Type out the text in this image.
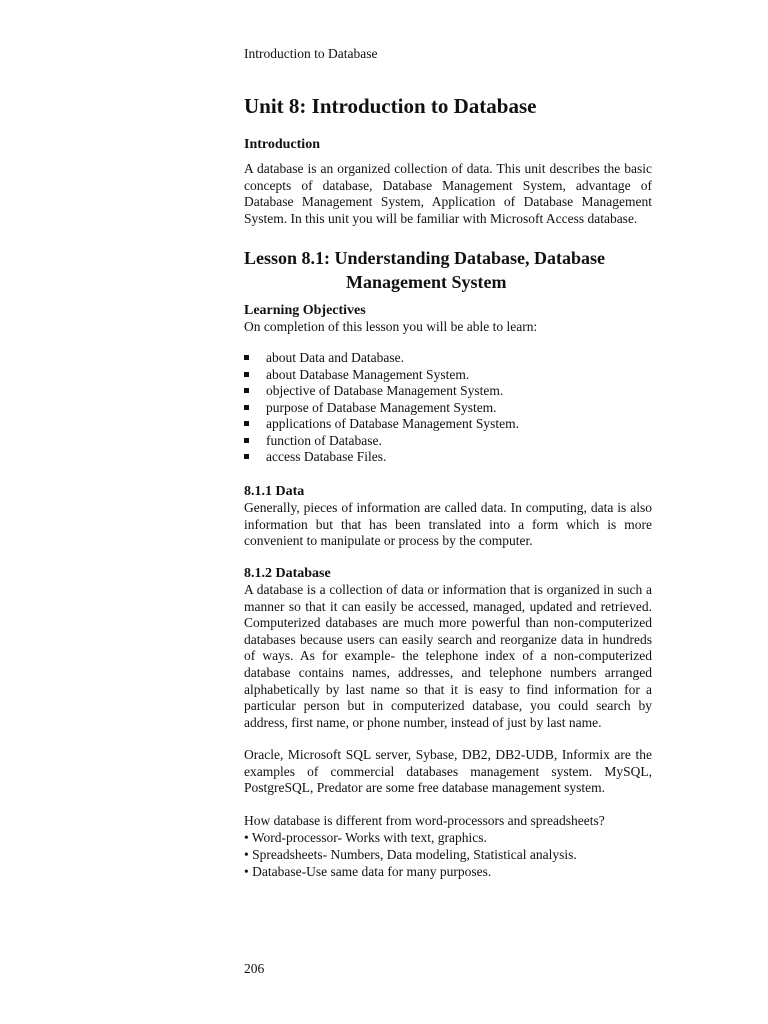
Introduction to Database
Unit 8: Introduction to Database
Introduction

A database is an organized collection of data. This unit describes the basic concepts of database, Database Management System, advantage of Database Management System, Application of Database Management System. In this unit you will be familiar with Microsoft Access database.

Lesson 8.1: Understanding Database, Database
Management System
Learning Objectives
On completion of this lesson you will be able to learn:
about Data and Database.
about Database Management System.
objective of Database Management System.
purpose of Database Management System.
applications of Database Management System.
function of Database.
access Database Files.
8.1.1 Data

Generally, pieces of information are called data. In computing, data is also information but that has been translated into a form which is more convenient to manipulate or process by the computer.

8.1.2 Database

A database is a collection of data or information that is organized in such a manner so that it can easily be accessed, managed, updated and retrieved. Computerized databases are much more powerful than non-computerized databases because users can easily search and reorganize data in hundreds of ways. As for example- the telephone index of a non-computerized database contains names, addresses, and telephone numbers arranged alphabetically by last name so that it is easy to find information for a particular person but in computerized database, you could search by address, first name, or phone number, instead of just by last name.

Oracle, Microsoft SQL server, Sybase, DB2, DB2-UDB, Informix are the examples of commercial databases management system. MySQL, PostgreSQL, Predator are some free database management system.

How database is different from word-processors and spreadsheets?
• Word-processor- Works with text, graphics.
• Spreadsheets- Numbers, Data modeling, Statistical analysis.
• Database-Use same data for many purposes.
206
